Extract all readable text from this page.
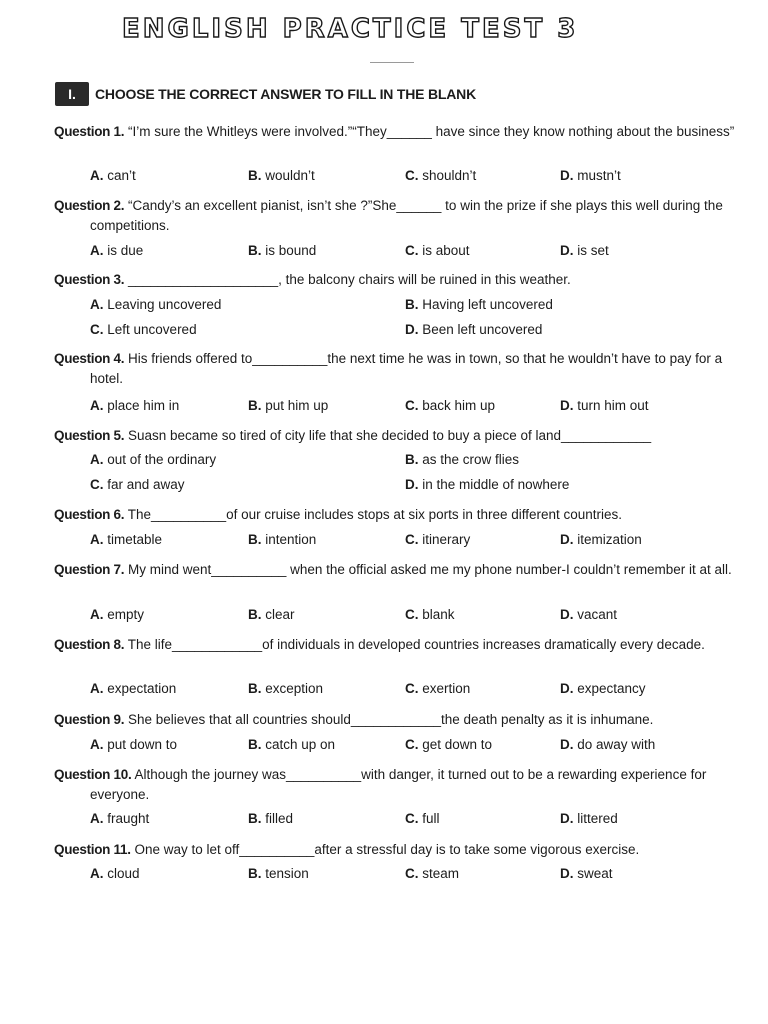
ENGLISH PRACTICE TEST 3
I.	CHOOSE THE CORRECT ANSWER TO FILL IN THE BLANK
Question 1. “I’m sure the Whitleys were involved.”“They______ have since they know nothing about the business”
A. can’t	B. wouldn’t	C. shouldn’t	D. mustn’t
Question 2. “Candy’s an excellent pianist, isn’t she ?”She______ to win the prize if she plays this well during the competitions.
A. is due	B. is bound	C. is about	D. is set
Question 3. ____________________, the balcony chairs will be ruined in this weather.
A. Leaving uncovered	B. Having left uncovered
C. Left uncovered	D. Been left uncovered
Question 4. His friends offered to__________the next time he was in town, so that he wouldn’t have to pay for a hotel.
A. place him in	B. put him up	C. back him up	D. turn him out
Question 5. Suasn became so tired of city life that she decided to buy a piece of land____________
A. out of the ordinary	B. as the crow flies
C. far and away	D. in the middle of nowhere
Question 6. The__________of our cruise includes stops at six ports in three different countries.
A. timetable	B. intention	C. itinerary	D. itemization
Question 7. My mind went__________ when the official asked me my phone number-I couldn’t remember it at all.
A. empty	B. clear	C. blank	D. vacant
Question 8. The life____________of individuals in developed countries increases dramatically every decade.
A. expectation	B. exception	C. exertion	D. expectancy
Question 9. She believes that all countries should____________the death penalty as it is inhumane.
A. put down to	B. catch up on	C. get down to	D. do away with
Question 10. Although the journey was__________with danger, it turned out to be a rewarding experience for everyone.
A. fraught	B. filled	C. full	D. littered
Question 11. One way to let off__________after a stressful day is to take some vigorous exercise.
A. cloud	B. tension	C. steam	D. sweat
